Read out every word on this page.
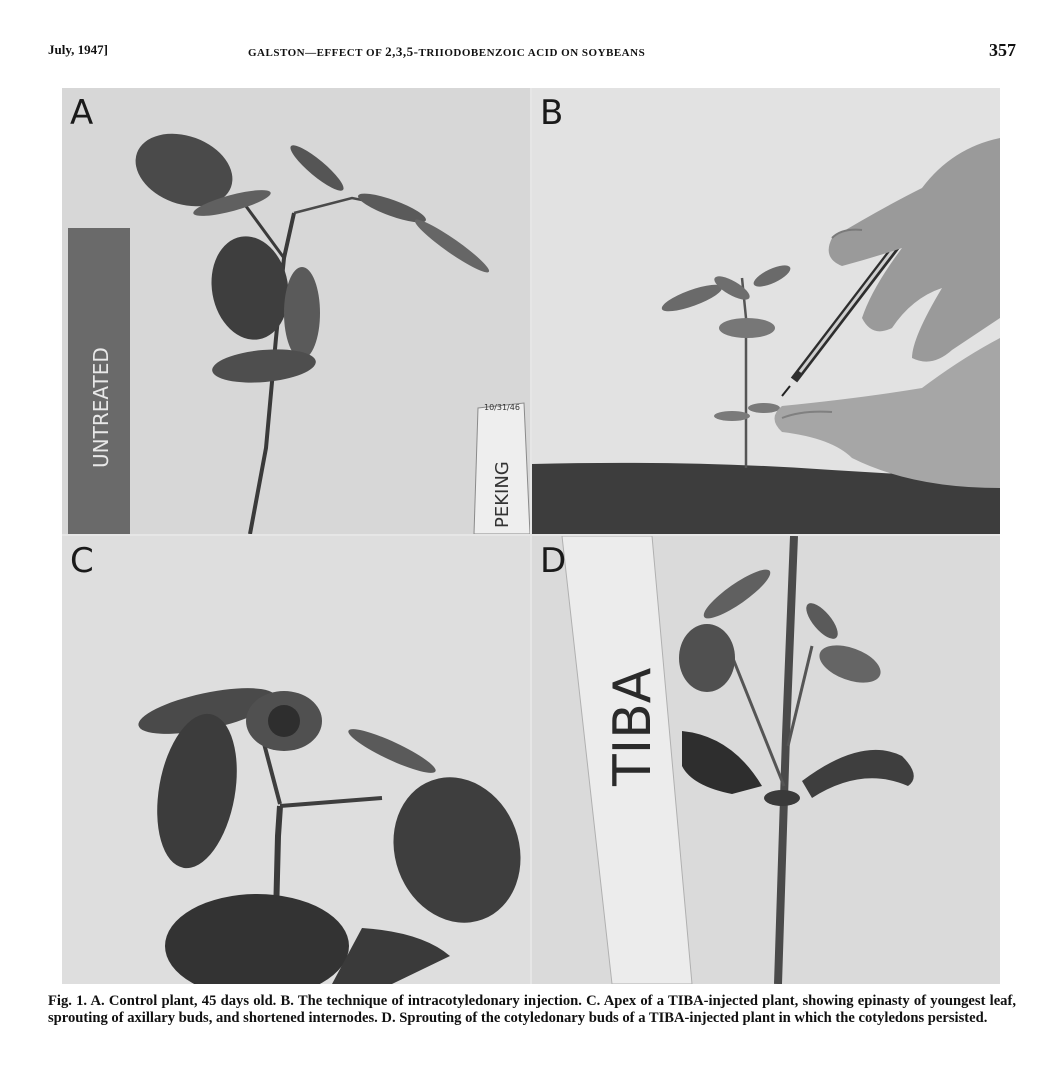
July, 1947]	GALSTON—EFFECT OF 2,3,5-TRIIODOBENZOIC ACID ON SOYBEANS	357
UNTREATED
PEKING
10/31/46
A	B
C
TIBA
D
Fig. 1. A. Control plant, 45 days old. B. The technique of intracotyledonary injection. C. Apex of a TIBA-injected plant, showing epinasty of youngest leaf, sprouting of axillary buds, and shortened internodes. D. Sprouting of the cotyledonary buds of a TIBA-injected plant in which the cotyledons persisted.
